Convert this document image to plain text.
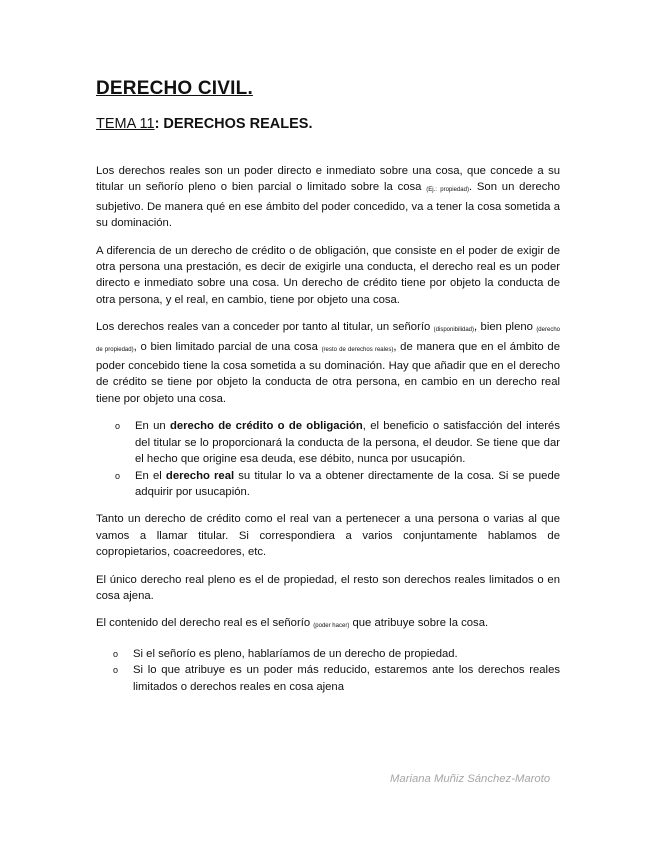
DERECHO CIVIL.
TEMA 11: DERECHOS REALES.

Los derechos reales son un poder directo e inmediato sobre una cosa, que concede a su titular un señorío pleno o bien parcial o limitado sobre la cosa (Ej.: propiedad). Son un derecho subjetivo. De manera qué en ese ámbito del poder concedido, va a tener la cosa sometida a su dominación.

A diferencia de un derecho de crédito o de obligación, que consiste en el poder de exigir de otra persona una prestación, es decir de exigirle una conducta, el derecho real es un poder directo e inmediato sobre una cosa. Un derecho de crédito tiene por objeto la conducta de otra persona, y el real, en cambio, tiene por objeto una cosa.

Los derechos reales van a conceder por tanto al titular, un señorío (disponibilidad), bien pleno (derecho de propiedad), o bien limitado parcial de una cosa (resto de derechos reales), de manera que en el ámbito de poder concebido tiene la cosa sometida a su dominación. Hay que añadir que en el derecho de crédito se tiene por objeto la conducta de otra persona, en cambio en un derecho real tiene por objeto una cosa.

o En un derecho de crédito o de obligación, el beneficio o satisfacción del interés del titular se lo proporcionará la conducta de la persona, el deudor. Se tiene que dar el hecho que origine esa deuda, ese débito, nunca por usucapión.
o En el derecho real su titular lo va a obtener directamente de la cosa. Si se puede adquirir por usucapión.

Tanto un derecho de crédito como el real van a pertenecer a una persona o varias al que vamos a llamar titular. Si correspondiera a varios conjuntamente hablamos de copropietarios, coacreedores, etc.

El único derecho real pleno es el de propiedad, el resto son derechos reales limitados o en cosa ajena.

El contenido del derecho real es el señorío (poder hacer) que atribuye sobre la cosa.

o Si el señorío es pleno, hablaríamos de un derecho de propiedad.
o Si lo que atribuye es un poder más reducido, estaremos ante los derechos reales limitados o derechos reales en cosa ajena
Mariana Muñiz Sánchez-Maroto
